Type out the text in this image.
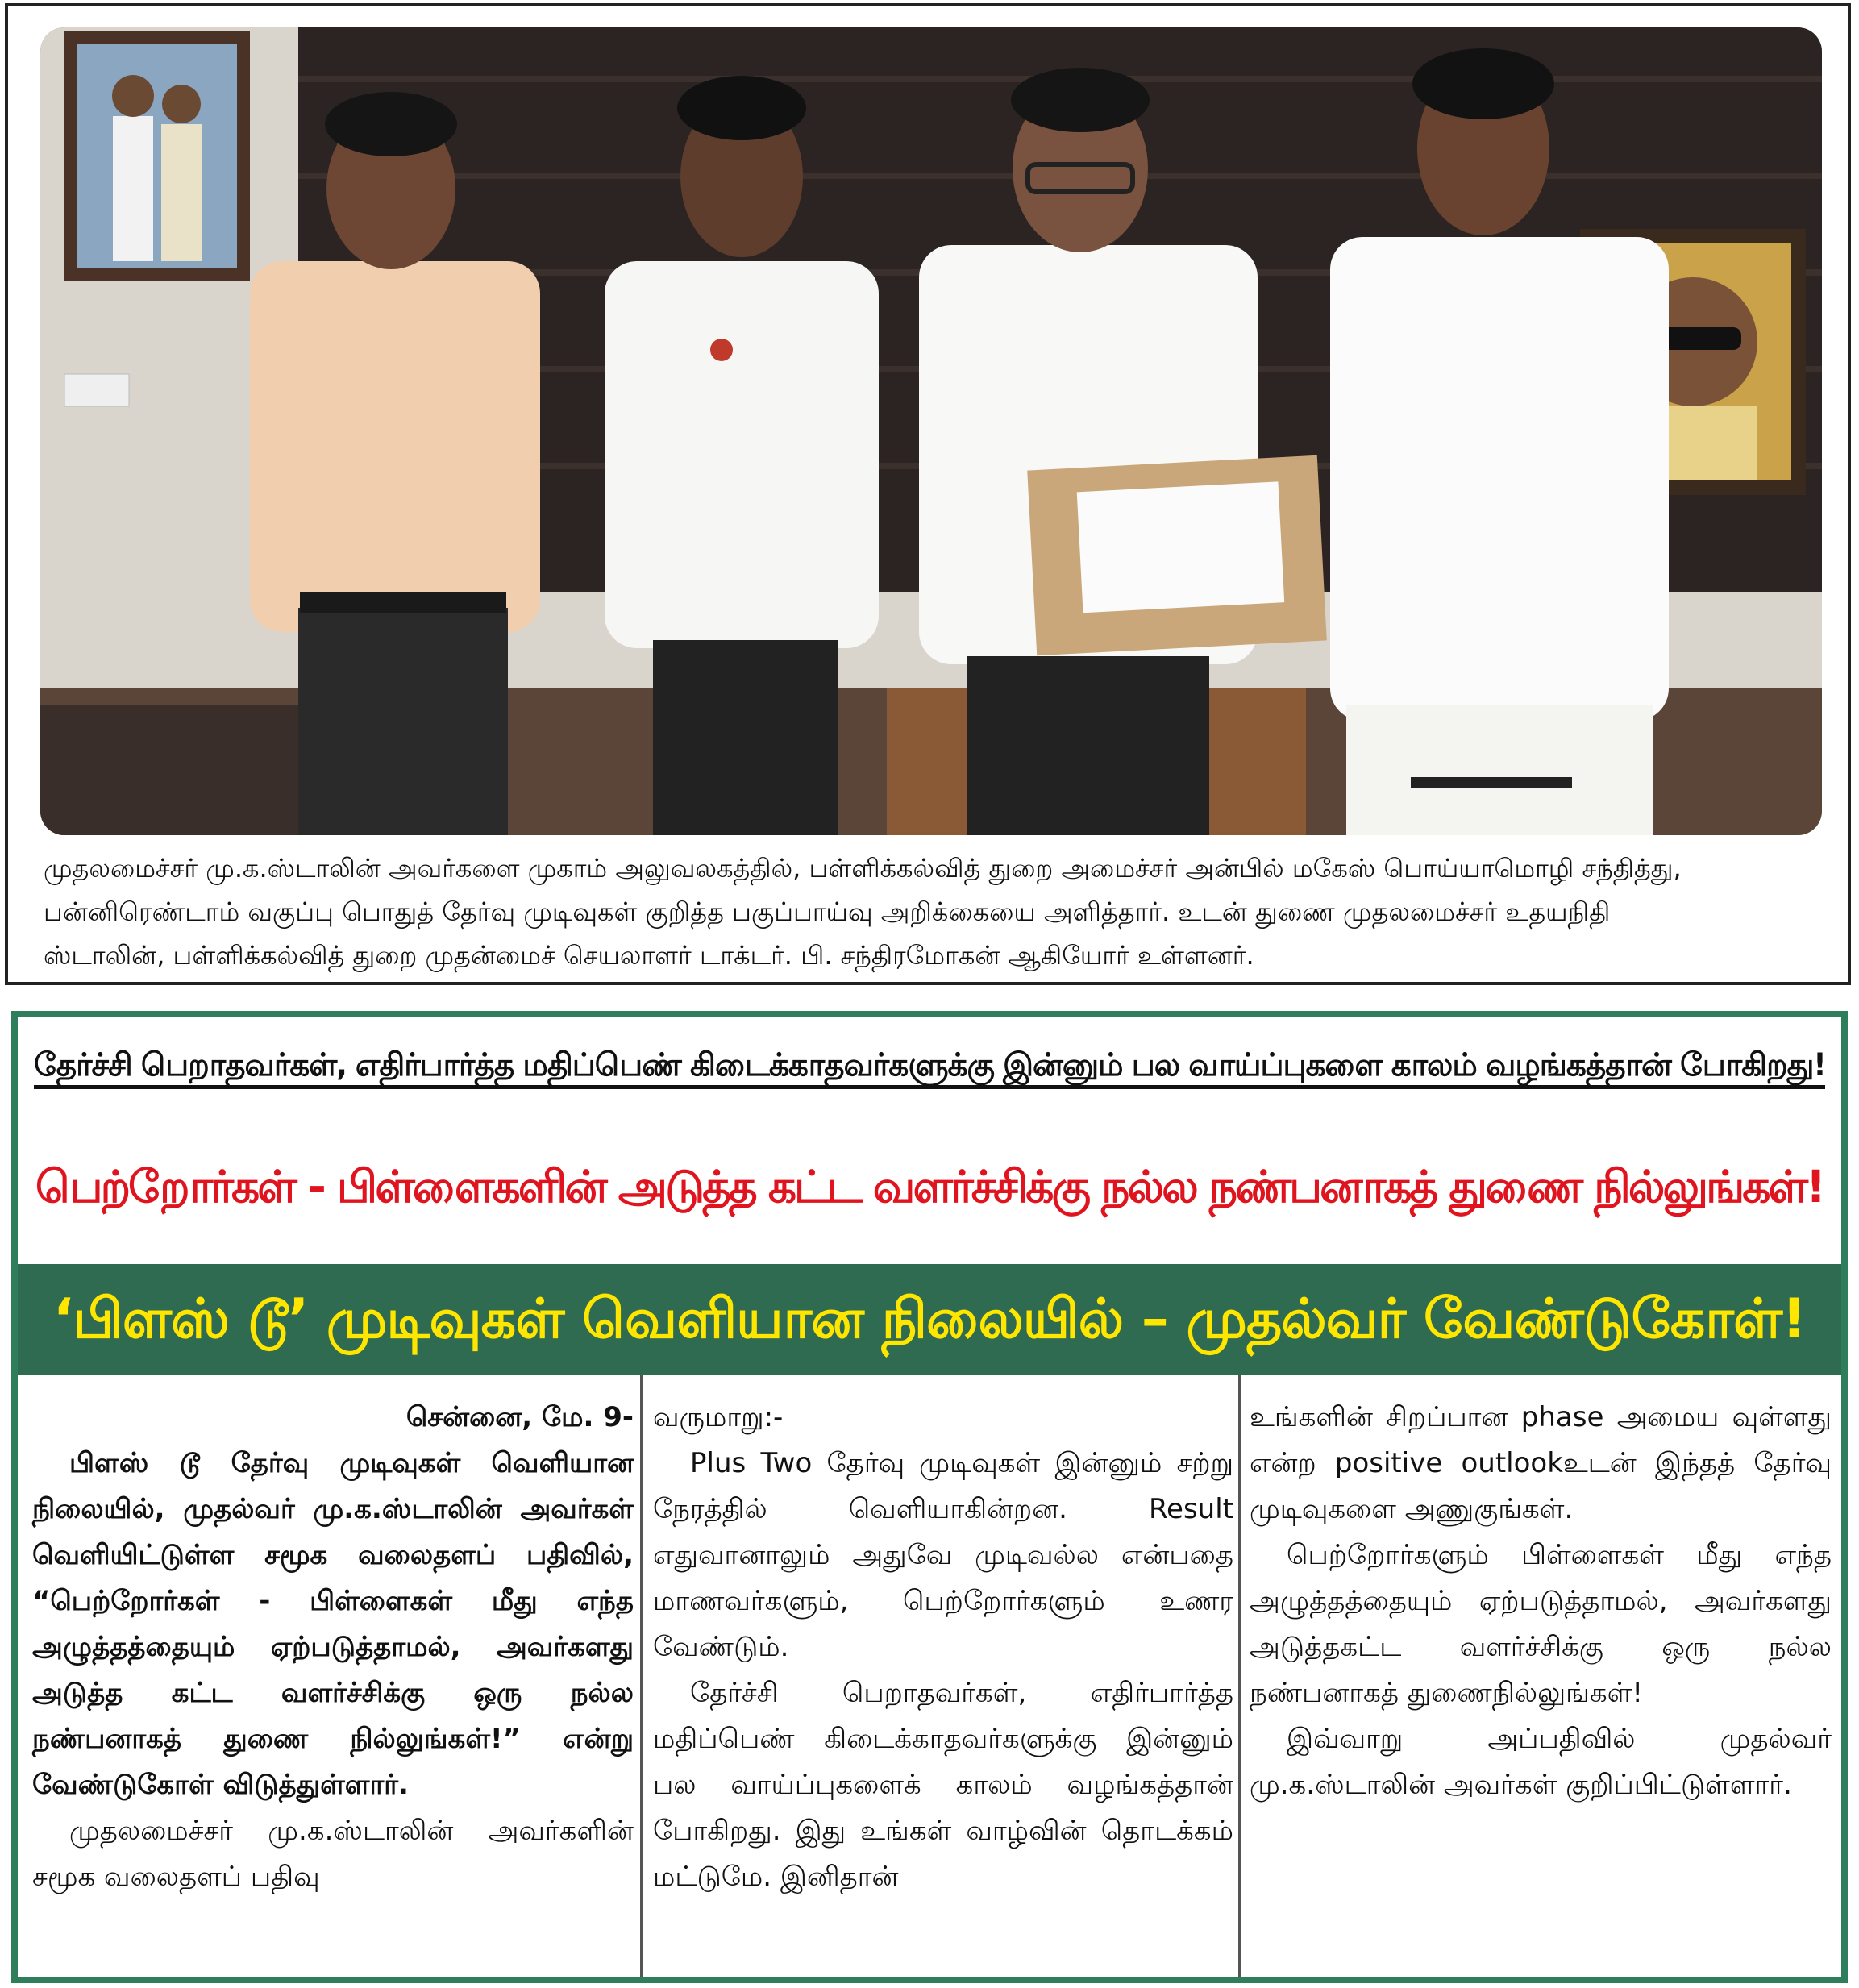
முதலமைச்சர் மு.க.ஸ்டாலின் அவர்களை முகாம் அலுவலகத்தில், பள்ளிக்கல்வித் துறை அமைச்சர் அன்பில் மகேஸ் பொய்யாமொழி சந்தித்து,

பன்னிரெண்டாம் வகுப்பு பொதுத் தேர்வு முடிவுகள் குறித்த பகுப்பாய்வு அறிக்கையை அளித்தார். உடன் துணை முதலமைச்சர் உதயநிதி

ஸ்டாலின், பள்ளிக்கல்வித் துறை முதன்மைச் செயலாளர் டாக்டர். பி. சந்திரமோகன் ஆகியோர் உள்ளனர்.

தேர்ச்சி பெறாதவர்கள், எதிர்பார்த்த மதிப்பெண் கிடைக்காதவர்களுக்கு இன்னும் பல வாய்ப்புகளை காலம் வழங்கத்தான் போகிறது!
பெற்றோர்கள் - பிள்ளைகளின் அடுத்த கட்ட வளர்ச்சிக்கு நல்ல நண்பனாகத் துணை நில்லுங்கள்!
‘பிளஸ் டூ’ முடிவுகள் வெளியான நிலையில் – முதல்வர் வேண்டுகோள்!

சென்னை, மே. 9-

பிளஸ் டூ தேர்வு முடிவுகள் வெளியான நிலையில், முதல்வர் மு.க.ஸ்டாலின் அவர்கள் வெளியிட்டுள்ள சமூக வலைதளப் பதிவில், “பெற்றோர்கள் - பிள்ளைகள் மீது எந்த அழுத்தத்தையும் ஏற்படுத்தாமல், அவர்களது அடுத்த கட்ட வளர்ச்சிக்கு ஒரு நல்ல நண்பனாகத் துணை நில்லுங்கள்!” என்று வேண்டுகோள் விடுத்துள்ளார்.

முதலமைச்சர் மு.க.ஸ்டாலின் அவர்களின் சமூக வலைதளப் பதிவு

வருமாறு:-

Plus Two தேர்வு முடிவுகள் இன்னும் சற்று நேரத்தில் வெளியாகின்றன. Result எதுவானாலும் அதுவே முடிவல்ல என்பதை மாணவர்களும், பெற்றோர்களும் உணர வேண்டும்.

தேர்ச்சி பெறாதவர்கள், எதிர்பார்த்த மதிப்பெண் கிடைக்காதவர்களுக்கு இன்னும் பல வாய்ப்புகளைக் காலம் வழங்கத்தான் போகிறது. இது உங்கள் வாழ்வின் தொடக்கம் மட்டுமே. இனிதான்

உங்களின் சிறப்பான phase அமைய வுள்ளது என்ற positive outlookஉடன் இந்தத் தேர்வு முடிவுகளை அணுகுங்கள்.

பெற்றோர்களும் பிள்ளைகள் மீது எந்த அழுத்தத்தையும் ஏற்படுத்தாமல், அவர்களது அடுத்தகட்ட வளர்ச்சிக்கு ஒரு நல்ல நண்பனாகத் துணைநில்லுங்கள்!

இவ்வாறு அப்பதிவில் முதல்வர் மு.க.ஸ்டாலின் அவர்கள் குறிப்பிட்டுள்ளார்.
